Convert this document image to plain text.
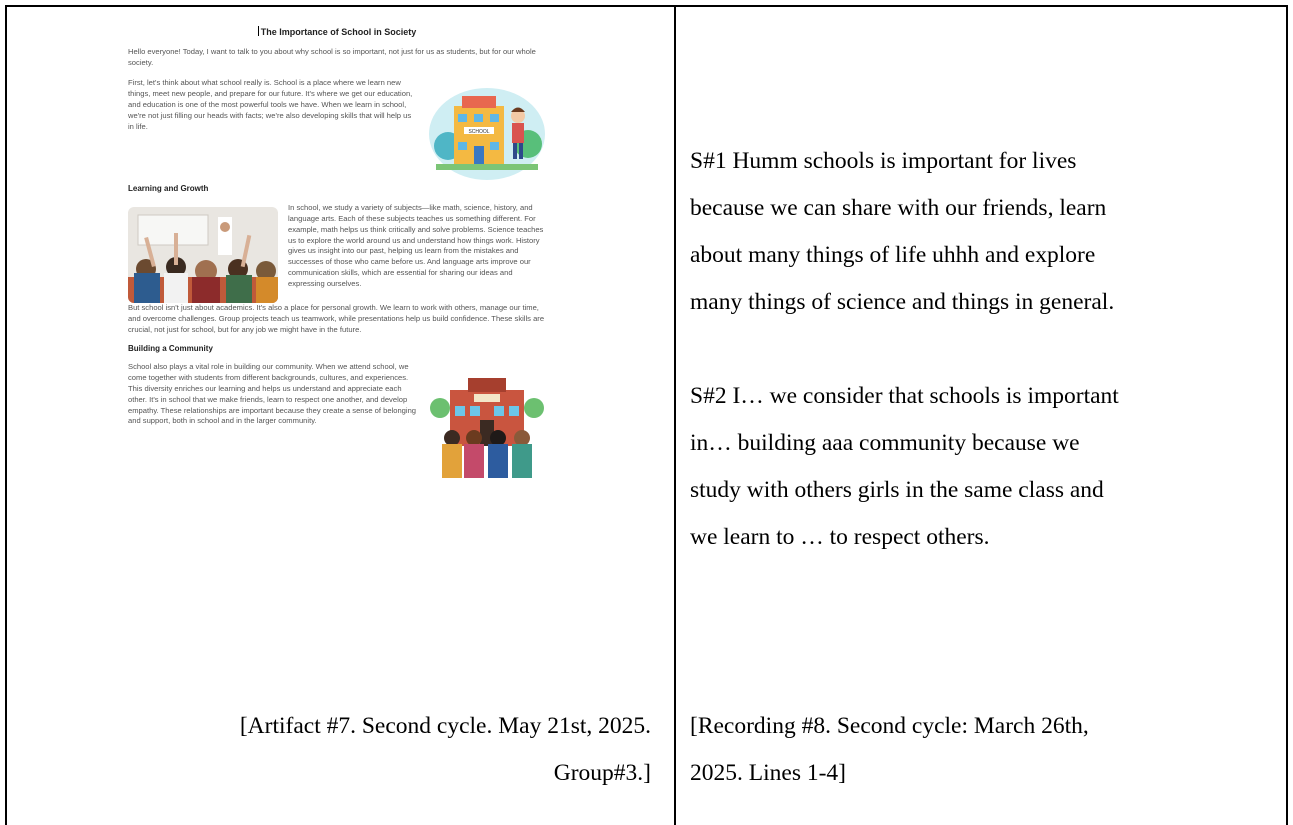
The Importance of School in Society

Hello everyone! Today, I want to talk to you about why school is so important, not just for us as students, but for our whole society.

First, let's think about what school really is. School is a place where we learn new things, meet new people, and prepare for our future. It's where we get our education, and education is one of the most powerful tools we have. When we learn in school, we're not just filling our heads with facts; we're also developing skills that will help us in life.

SCHOOL
Learning and Growth

In school, we study a variety of subjects—like math, science, history, and language arts. Each of these subjects teaches us something different. For example, math helps us think critically and solve problems. Science teaches us to explore the world around us and understand how things work. History gives us insight into our past, helping us learn from the mistakes and successes of those who came before us. And language arts improve our communication skills, which are essential for sharing our ideas and expressing ourselves.

But school isn't just about academics. It's also a place for personal growth. We learn to work with others, manage our time, and overcome challenges. Group projects teach us teamwork, while presentations help us build confidence. These skills are crucial, not just for school, but for any job we might have in the future.

Building a Community

School also plays a vital role in building our community. When we attend school, we come together with students from different backgrounds, cultures, and experiences. This diversity enriches our learning and helps us understand and appreciate each other. It's in school that we make friends, learn to respect one another, and develop empathy. These relationships are important because they create a sense of belonging and support, both in school and in the larger community.

S#1 Humm schools is important for lives

because we can share with our friends, learn

about many things of life uhhh and explore

many things of science and things in general.

S#2 I… we consider that schools is important

in… building aaa community because we

study with others girls in the same class and

we learn to … to respect others.

[Artifact #7. Second cycle. May 21st, 2025.
Group#3.]
[Recording #8. Second cycle: March 26th,
2025. Lines 1-4]
